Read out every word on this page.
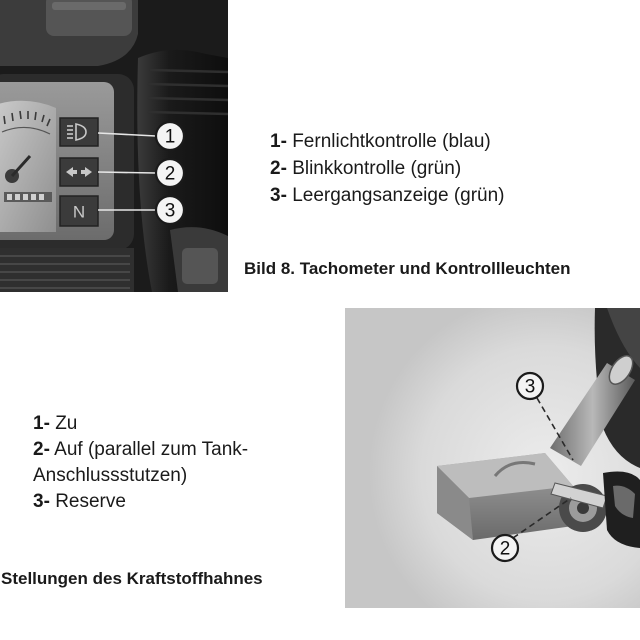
N
1
2
3
1- Fernlichtkontrolle (blau)
2- Blinkkontrolle (grün)
3- Leergangsanzeige (grün)
Bild 8. Tachometer und Kontrollleuchten
3
2
1- Zu
2- Auf (parallel zum Tank-
Anschlussstutzen)
3- Reserve
Stellungen des Kraftstoffhahnes
